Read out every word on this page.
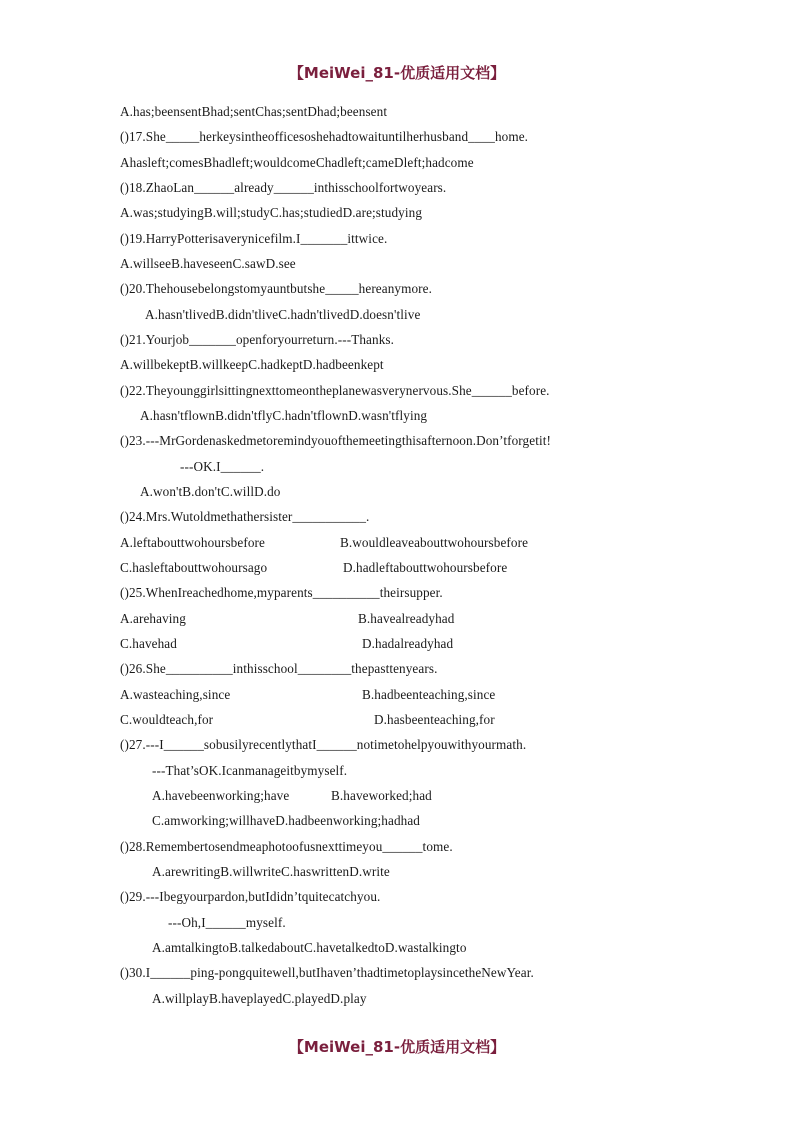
【MeiWei_81-优质适用文档】
A.has;beensentBhad;sentChas;sentDhad;beensent
()17.She_____herkeysintheofficesoshehadtowaituntilherhusband____home.
Ahasleft;comesBhadleft;wouldcomeChadleft;cameDleft;hadcome
()18.ZhaoLan______already______inthisschoolfortwoyears.
A.was;studyingB.will;studyC.has;studiedD.are;studying
()19.HarryPotterisaverynicefilm.I_______ittwice.
A.willseeB.haveseenC.sawD.see
()20.Thehousebelongstomyauntbutshe_____hereanymore.
A.hasn'tlivedB.didn'tliveC.hadn'tlivedD.doesn'tlive
()21.Yourjob_______openforyourreturn.---Thanks.
A.willbekeptB.willkeepC.hadkeptD.hadbeenkept
()22.Theyounggirlsittingnexttomeontheplanewasverynervous.She______before.
A.hasn'tflownB.didn'tflyC.hadn'tflownD.wasn'tflying
()23.---MrGordenaskedmetoremindyouofthemeetingthisafternoon.Don’tforgetit!
---OK.I______.
A.won'tB.don'tC.willD.do
()24.Mrs.Wutoldmethathersister___________.
A.leftabouttwohoursbefore	B.wouldleaveabouttwohoursbefore
C.hasleftabouttwohoursago	D.hadleftabouttwohoursbefore
()25.WhenIreachedhome,myparents__________theirsupper.
A.arehaving	B.havealreadyhad
C.havehad	D.hadalreadyhad
()26.She__________inthisschool________thepasttenyears.
A.wasteaching,since	B.hadbeenteaching,since
C.wouldteach,for	D.hasbeenteaching,for
()27.---I______sobusilyrecentlythatI______notimetohelpyouwithyourmath.
---That’sOK.Icanmanageitbymyself.
A.havebeenworking;have	B.haveworked;had
C.amworking;willhaveD.hadbeenworking;hadhad
()28.Remembertosendmeaphotoofusnexttimeyou______tome.
A.arewritingB.willwriteC.haswrittenD.write
()29.---Ibegyourpardon,butIdidn’tquitecatchyou.
---Oh,I______myself.
A.amtalkingtoB.talkedaboutC.havetalkedtoD.wastalkingto
()30.I______ping-pongquitewell,butIhaven’thadtimetoplaysincetheNewYear.
A.willplayB.haveplayedC.playedD.play
【MeiWei_81-优质适用文档】
